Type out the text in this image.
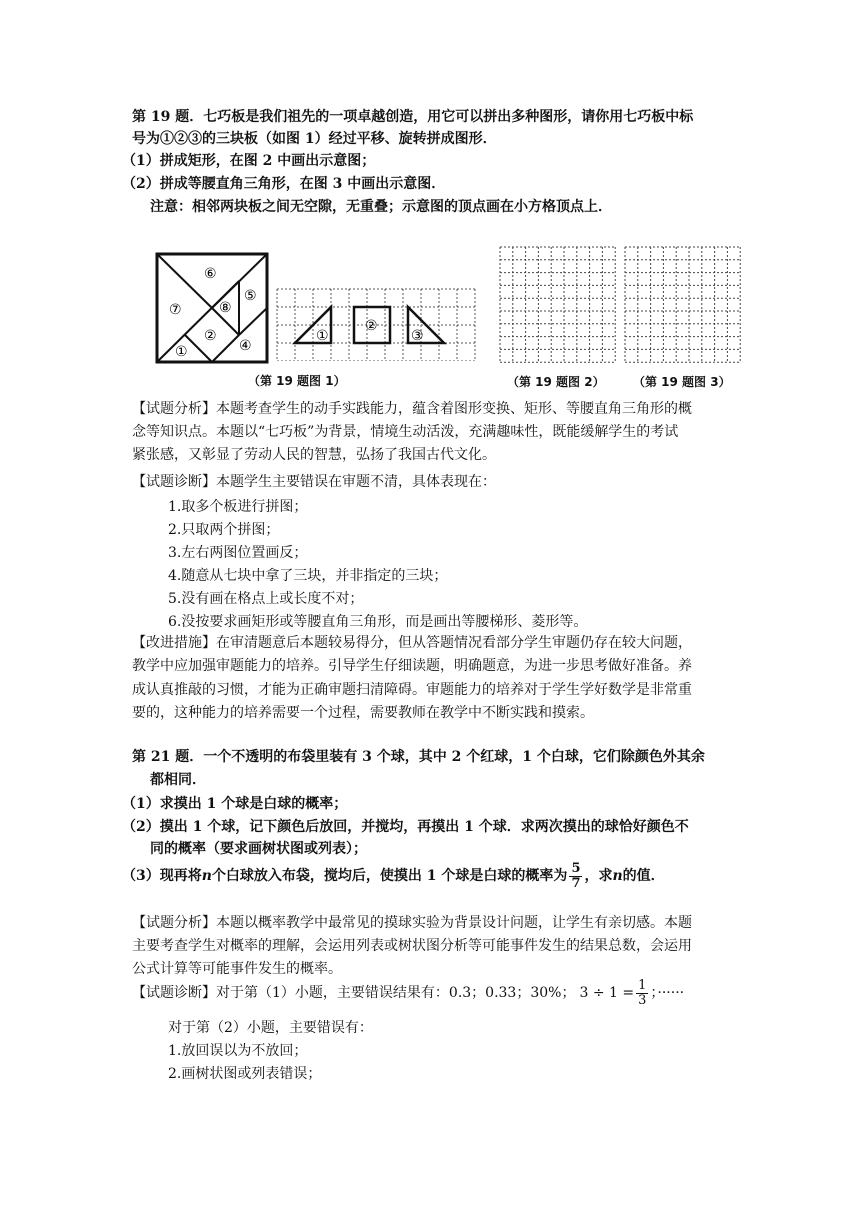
第 19 题．七巧板是我们祖先的一项卓越创造，用它可以拼出多种图形，请你用七巧板中标
号为①②③的三块板（如图 1）经过平移、旋转拼成图形．
（1）拼成矩形，在图 2 中画出示意图；
（2）拼成等腰直角三角形，在图 3 中画出示意图．
注意：相邻两块板之间无空隙，无重叠；示意图的顶点画在小方格顶点上．
⑥
⑦	⑧
⑤
②
④
①
①
②
③
（第 19 题图 1）	（第 19 题图 2） （第 19 题图 3）
【试题分析】本题考查学生的动手实践能力，蕴含着图形变换、矩形、等腰直角三角形的概
念等知识点。本题以“七巧板”为背景，情境生动活泼，充满趣味性，既能缓解学生的考试
紧张感，又彰显了劳动人民的智慧，弘扬了我国古代文化。
【试题诊断】本题学生主要错误在审题不清，具体表现在：
1.取多个板进行拼图；
2.只取两个拼图；
3.左右两图位置画反；
4.随意从七块中拿了三块，并非指定的三块；
5.没有画在格点上或长度不对；
6.没按要求画矩形或等腰直角三角形，而是画出等腰梯形、菱形等。
【改进措施】在审清题意后本题较易得分，但从答题情况看部分学生审题仍存在较大问题，
教学中应加强审题能力的培养。引导学生仔细读题，明确题意，为进一步思考做好准备。养
成认真推敲的习惯，才能为正确审题扫清障碍。审题能力的培养对于学生学好数学是非常重
要的，这种能力的培养需要一个过程，需要教师在教学中不断实践和摸索。
第 21 题．一个不透明的布袋里装有 3 个球，其中 2 个红球，1 个白球，它们除颜色外其余
都相同．
（1）求摸出 1 个球是白球的概率；
（2）摸出 1 个球，记下颜色后放回，并搅均，再摸出 1 个球．求两次摸出的球恰好颜色不
同的概率（要求画树状图或列表）；
（3）现再将n个白球放入布袋，搅均后，使摸出 1 个球是白球的概率为 $\frac{5}{7}$ ，求n的值．
【试题分析】本题以概率教学中最常见的摸球实验为背景设计问题，让学生有亲切感。本题
主要考查学生对概率的理解，会运用列表或树状图分析等可能事件发生的结果总数，会运用
公式计算等可能事件发生的概率。
【试题诊断】对于第（1）小题，主要错误结果有：0.3；0.33；30%； $3 \div 1 = \frac{1}{3}$ ；······
对于第（2）小题，主要错误有：
1.放回误以为不放回；
2.画树状图或列表错误；
